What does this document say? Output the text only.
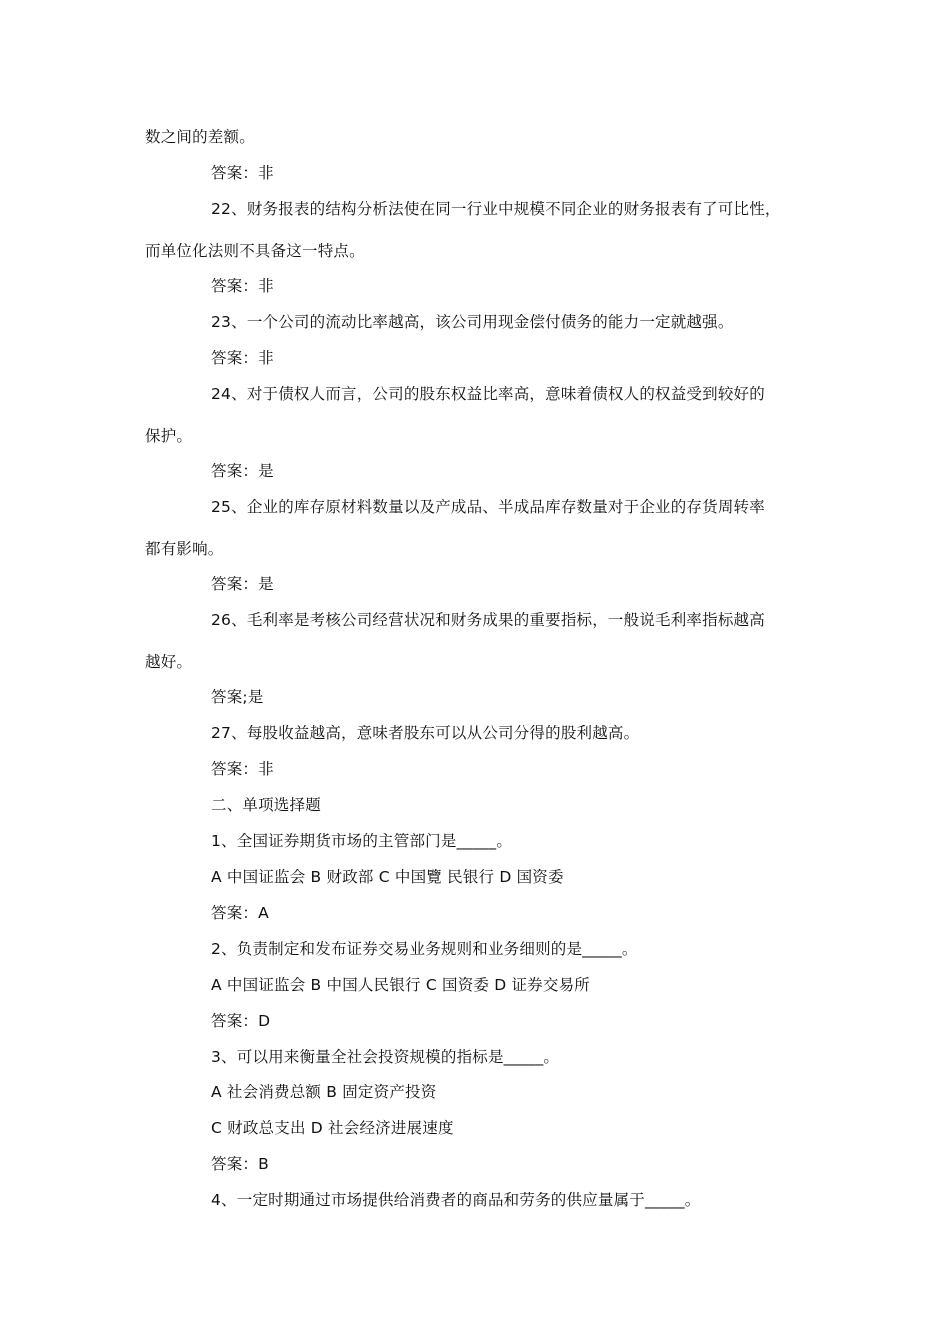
数之间的差额。
答案：非
22、财务报表的结构分析法使在同一行业中规模不同企业的财务报表有了可比性，
而单位化法则不具备这一特点。
答案：非
23、一个公司的流动比率越高，该公司用现金偿付债务的能力一定就越强。
答案：非
24、对于债权人而言，公司的股东权益比率高，意味着债权人的权益受到较好的
保护。
答案：是
25、企业的库存原材料数量以及产成品、半成品库存数量对于企业的存货周转率
都有影响。
答案：是
26、毛利率是考核公司经营状况和财务成果的重要指标，一般说毛利率指标越高
越好。
答案;是
27、每股收益越高，意味者股东可以从公司分得的股利越高。
答案：非
二、单项选择题
1、全国证券期货市场的主管部门是_____。
A 中国证监会 B 财政部 C 中国覽 民银行 D 国资委
答案：A
2、负责制定和发布证券交易业务规则和业务细则的是_____。
A 中国证监会 B 中国人民银行 C 国资委 D 证券交易所
答案：D
3、可以用来衡量全社会投资规模的指标是_____。
A 社会消费总额 B 固定资产投资
C 财政总支出 D 社会经济进展速度
答案：B
4、一定时期通过市场提供给消费者的商品和劳务的供应量属于_____。
